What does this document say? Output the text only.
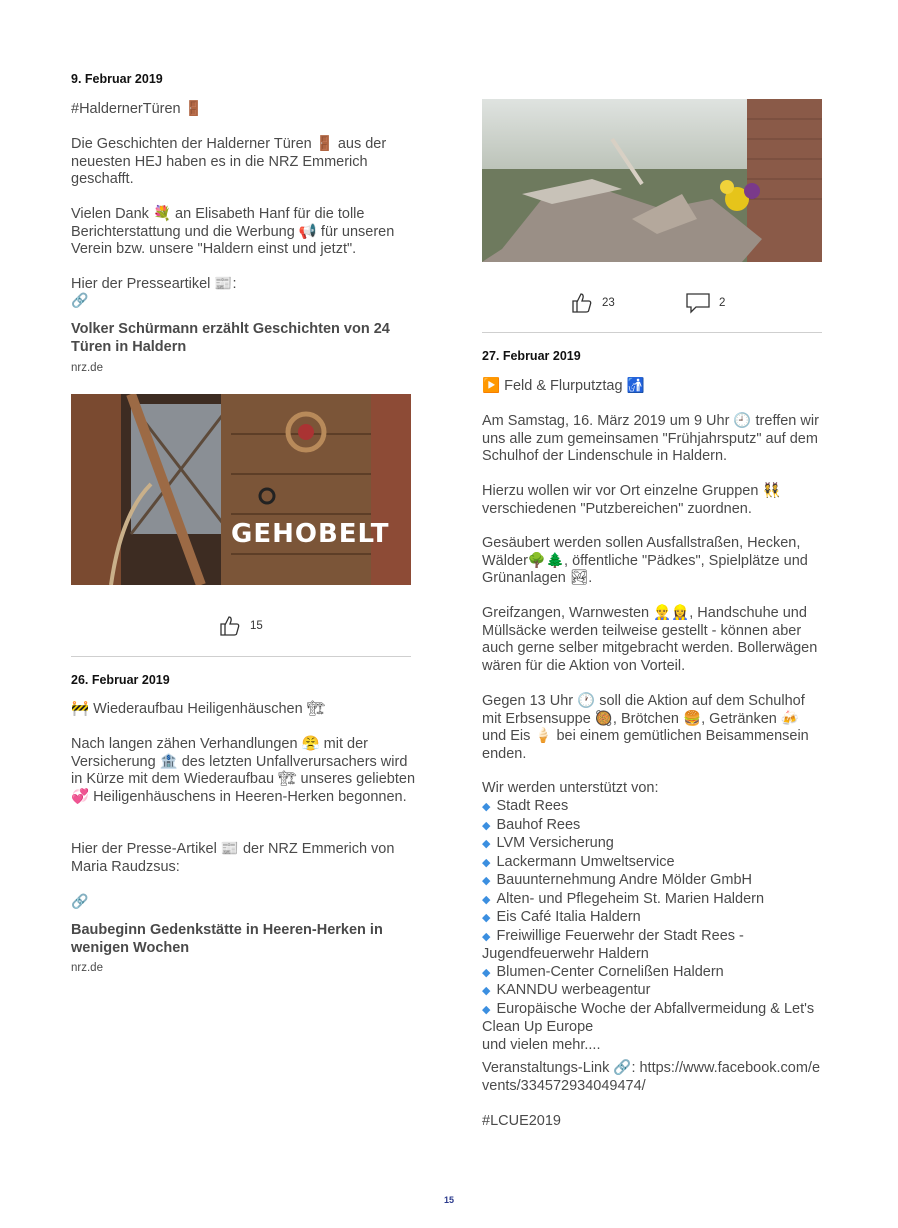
9. Februar 2019
#HaldernerTüren 🚪
Die Geschichten der Halderner Türen 🚪 aus der neuesten HEJ haben es in die NRZ Emmerich geschafft.
Vielen Dank 💐 an Elisabeth Hanf für die tolle Berichterstattung und die Werbung 📢 für unseren Verein bzw. unsere "Haldern einst und jetzt".
Hier der Presseartikel 📰:
🔗
Volker Schürmann erzählt Geschichten von 24 Türen in Haldern
nrz.de
GEHOBELT
15
26. Februar 2019
🚧 Wiederaufbau Heiligenhäuschen 🏗
Nach langen zähen Verhandlungen 😤 mit der Versicherung 🏦 des letzten Unfallverursachers wird in Kürze mit dem Wiederaufbau 🏗 unseres geliebten 💞 Heiligenhäuschens in Heeren-Herken begonnen.
Hier der Presse-Artikel 📰 der NRZ Emmerich von Maria Raudzsus:
🔗
Baubeginn Gedenkstätte in Heeren-Herken in wenigen Wochen
nrz.de
23	2
27. Februar 2019
▶️ Feld & Flurputztag 🚮
Am Samstag, 16. März 2019 um 9 Uhr 🕘 treffen wir uns alle zum gemeinsamen "Frühjahrsputz" auf dem Schulhof der Lindenschule in Haldern.
Hierzu wollen wir vor Ort einzelne Gruppen 👯 verschiedenen "Putzbereichen" zuordnen.
Gesäubert werden sollen Ausfallstraßen, Hecken, Wälder🌳🌲, öffentliche "Pädkes", Spielplätze und Grünanlagen 🏞.
Greifzangen, Warnwesten 👷‍♂️👷‍♀️, Handschuhe und Müllsäcke werden teilweise gestellt - können aber auch gerne selber mitgebracht werden. Bollerwägen wären für die Aktion von Vorteil.
Gegen 13 Uhr 🕐 soll die Aktion auf dem Schulhof mit Erbsensuppe 🥘, Brötchen 🍔, Getränken 🍻 und Eis 🍦 bei einem gemütlichen Beisammensein enden.
Wir werden unterstützt von:
◆ Stadt Rees
◆ Bauhof Rees
◆ LVM Versicherung
◆ Lackermann Umweltservice
◆ Bauunternehmung Andre Mölder GmbH
◆ Alten- und Pflegeheim St. Marien Haldern
◆ Eis Café Italia Haldern
◆ Freiwillige Feuerwehr der Stadt Rees - Jugendfeuerwehr Haldern
◆ Blumen-Center Cornelißen Haldern
◆ KANNDU werbeagentur
◆ Europäische Woche der Abfallvermeidung & Let's Clean Up Europe
und vielen mehr....
Veranstaltungs-Link 🔗: https://www.facebook.com/events/334572934049474/
#LCUE2019
15
